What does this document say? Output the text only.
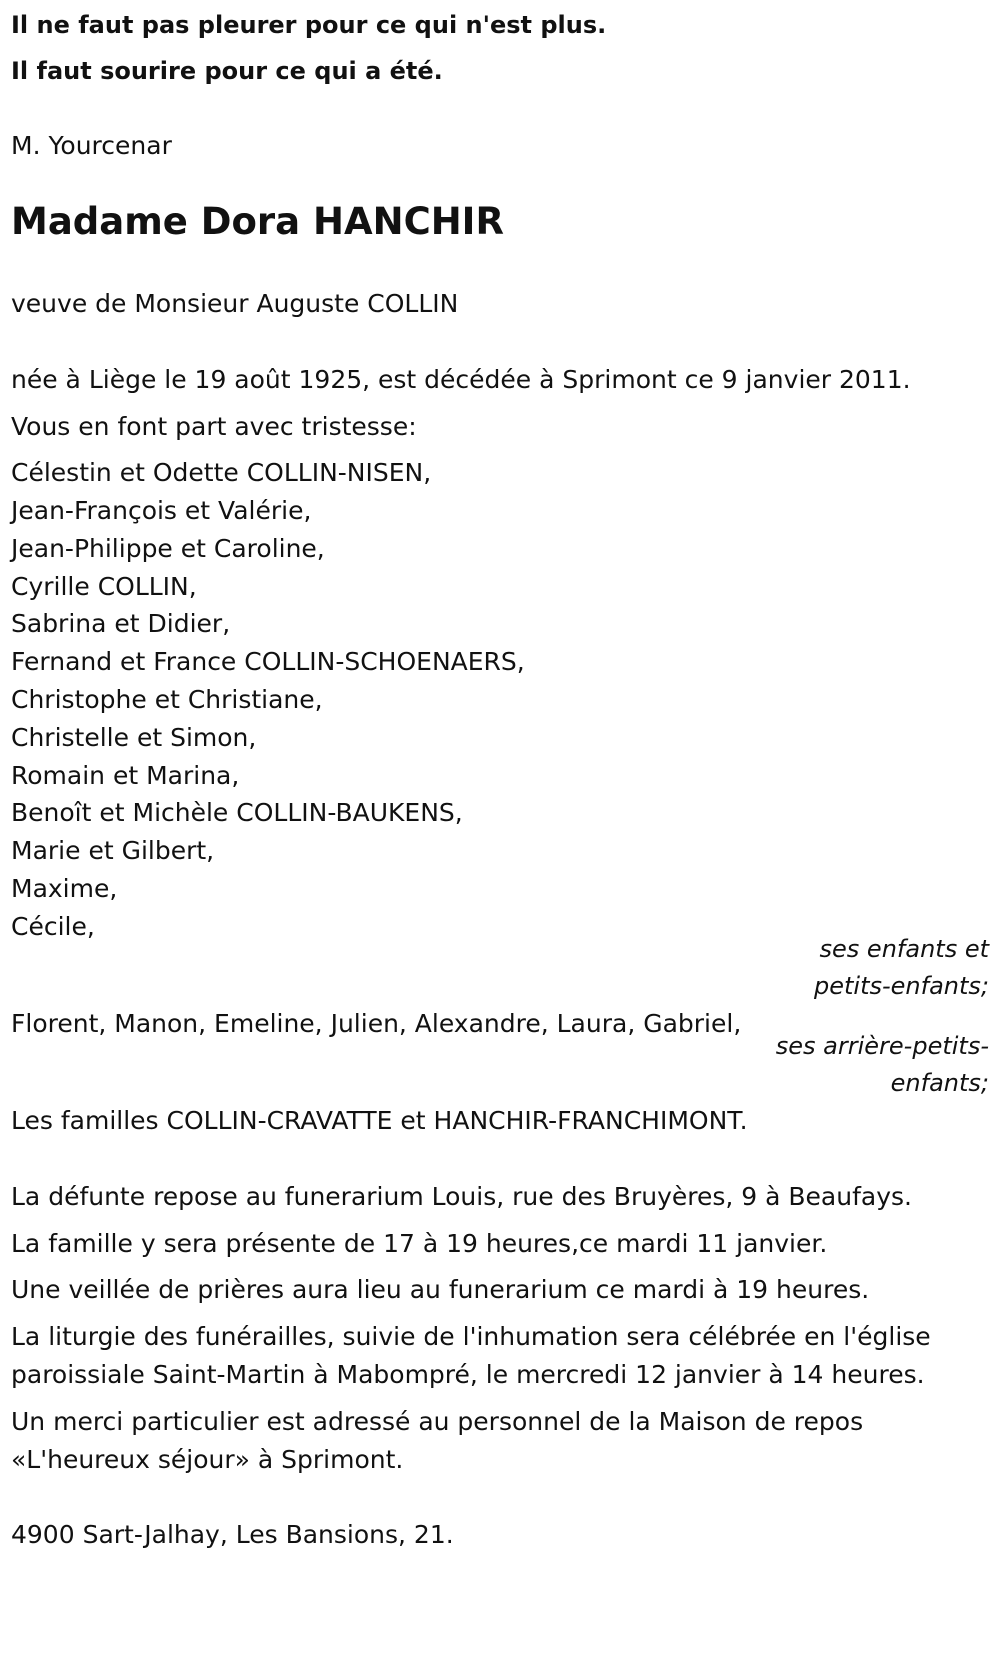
Il ne faut pas pleurer pour ce qui n'est plus.
Il faut sourire pour ce qui a été.
M. Yourcenar
Madame Dora HANCHIR
veuve de Monsieur Auguste COLLIN
née à Liège le 19 août 1925, est décédée à Sprimont ce 9 janvier 2011.
Vous en font part avec tristesse:
Célestin et Odette COLLIN-NISEN,
Jean-François et Valérie,
Jean-Philippe et Caroline,
Cyrille COLLIN,
Sabrina et Didier,
Fernand et France COLLIN-SCHOENAERS,
Christophe et Christiane,
Christelle et Simon,
Romain et Marina,
Benoît et Michèle COLLIN-BAUKENS,
Marie et Gilbert,
Maxime,
Cécile,
ses enfants et
petits-enfants;
Florent, Manon, Emeline, Julien, Alexandre, Laura, Gabriel,
ses arrière-petits-
enfants;
Les familles COLLIN-CRAVATTE et HANCHIR-FRANCHIMONT.
La défunte repose au funerarium Louis, rue des Bruyères, 9 à Beaufays.
La famille y sera présente de 17 à 19 heures,ce mardi 11 janvier.
Une veillée de prières aura lieu au funerarium ce mardi à 19 heures.
La liturgie des funérailles, suivie de l'inhumation sera célébrée en l'église
paroissiale Saint-Martin à Mabompré, le mercredi 12 janvier à 14 heures.
Un merci particulier est adressé au personnel de la Maison de repos
«L'heureux séjour» à Sprimont.
4900 Sart-Jalhay, Les Bansions, 21.
